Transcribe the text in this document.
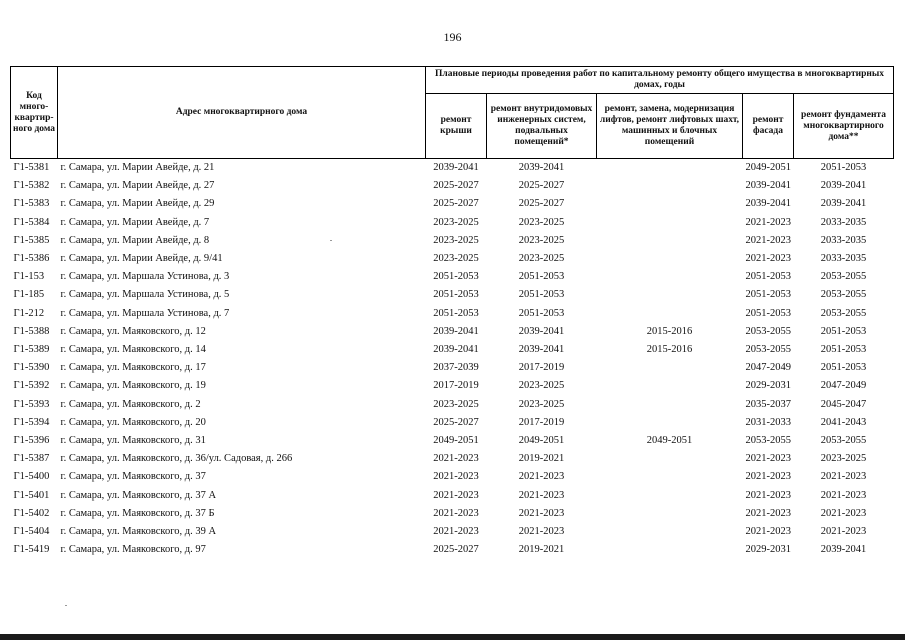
196
Код много-квартир-ного дома	Адрес многоквартирного дома	Плановые периоды проведения работ по капитальному ремонту общего имущества в многоквартирных домах, годы				
		ремонт крыши	ремонт внутридомовых инженерных систем, подвальных помещений*	ремонт, замена, модернизация лифтов, ремонт лифтовых шахт, машинных и блочных помещений	ремонт фасада	ремонт фундамента многоквартирного дома**
Г1-5381	г. Самара, ул. Марии Авейде, д. 21	2039-2041	2039-2041		2049-2051	2051-2053
Г1-5382	г. Самара, ул. Марии Авейде, д. 27	2025-2027	2025-2027		2039-2041	2039-2041
Г1-5383	г. Самара, ул. Марии Авейде, д. 29	2025-2027	2025-2027		2039-2041	2039-2041
Г1-5384	г. Самара, ул. Марии Авейде, д. 7	2023-2025	2023-2025		2021-2023	2033-2035
Г1-5385	г. Самара, ул. Марии Авейде, д. 8	2023-2025	2023-2025		2021-2023	2033-2035
Г1-5386	г. Самара, ул. Марии Авейде, д. 9/41	2023-2025	2023-2025		2021-2023	2033-2035
Г1-153	г. Самара, ул. Маршала Устинова, д. 3	2051-2053	2051-2053		2051-2053	2053-2055
Г1-185	г. Самара, ул. Маршала Устинова, д. 5	2051-2053	2051-2053		2051-2053	2053-2055
Г1-212	г. Самара, ул. Маршала Устинова, д. 7	2051-2053	2051-2053		2051-2053	2053-2055
Г1-5388	г. Самара, ул. Маяковского, д. 12	2039-2041	2039-2041	2015-2016	2053-2055	2051-2053
Г1-5389	г. Самара, ул. Маяковского, д. 14	2039-2041	2039-2041	2015-2016	2053-2055	2051-2053
Г1-5390	г. Самара, ул. Маяковского, д. 17	2037-2039	2017-2019		2047-2049	2051-2053
Г1-5392	г. Самара, ул. Маяковского, д. 19	2017-2019	2023-2025		2029-2031	2047-2049
Г1-5393	г. Самара, ул. Маяковского, д. 2	2023-2025	2023-2025		2035-2037	2045-2047
Г1-5394	г. Самара, ул. Маяковского, д. 20	2025-2027	2017-2019		2031-2033	2041-2043
Г1-5396	г. Самара, ул. Маяковского, д. 31	2049-2051	2049-2051	2049-2051	2053-2055	2053-2055
Г1-5387	г. Самара, ул. Маяковского, д. 36/ул. Садовая, д. 266	2021-2023	2019-2021		2021-2023	2023-2025
Г1-5400	г. Самара, ул. Маяковского, д. 37	2021-2023	2021-2023		2021-2023	2021-2023
Г1-5401	г. Самара, ул. Маяковского, д. 37 А	2021-2023	2021-2023		2021-2023	2021-2023
Г1-5402	г. Самара, ул. Маяковского, д. 37 Б	2021-2023	2021-2023		2021-2023	2021-2023
Г1-5404	г. Самара, ул. Маяковского, д. 39 А	2021-2023	2021-2023		2021-2023	2021-2023
Г1-5419	г. Самара, ул. Маяковского, д. 97	2025-2027	2019-2021		2029-2031	2039-2041
